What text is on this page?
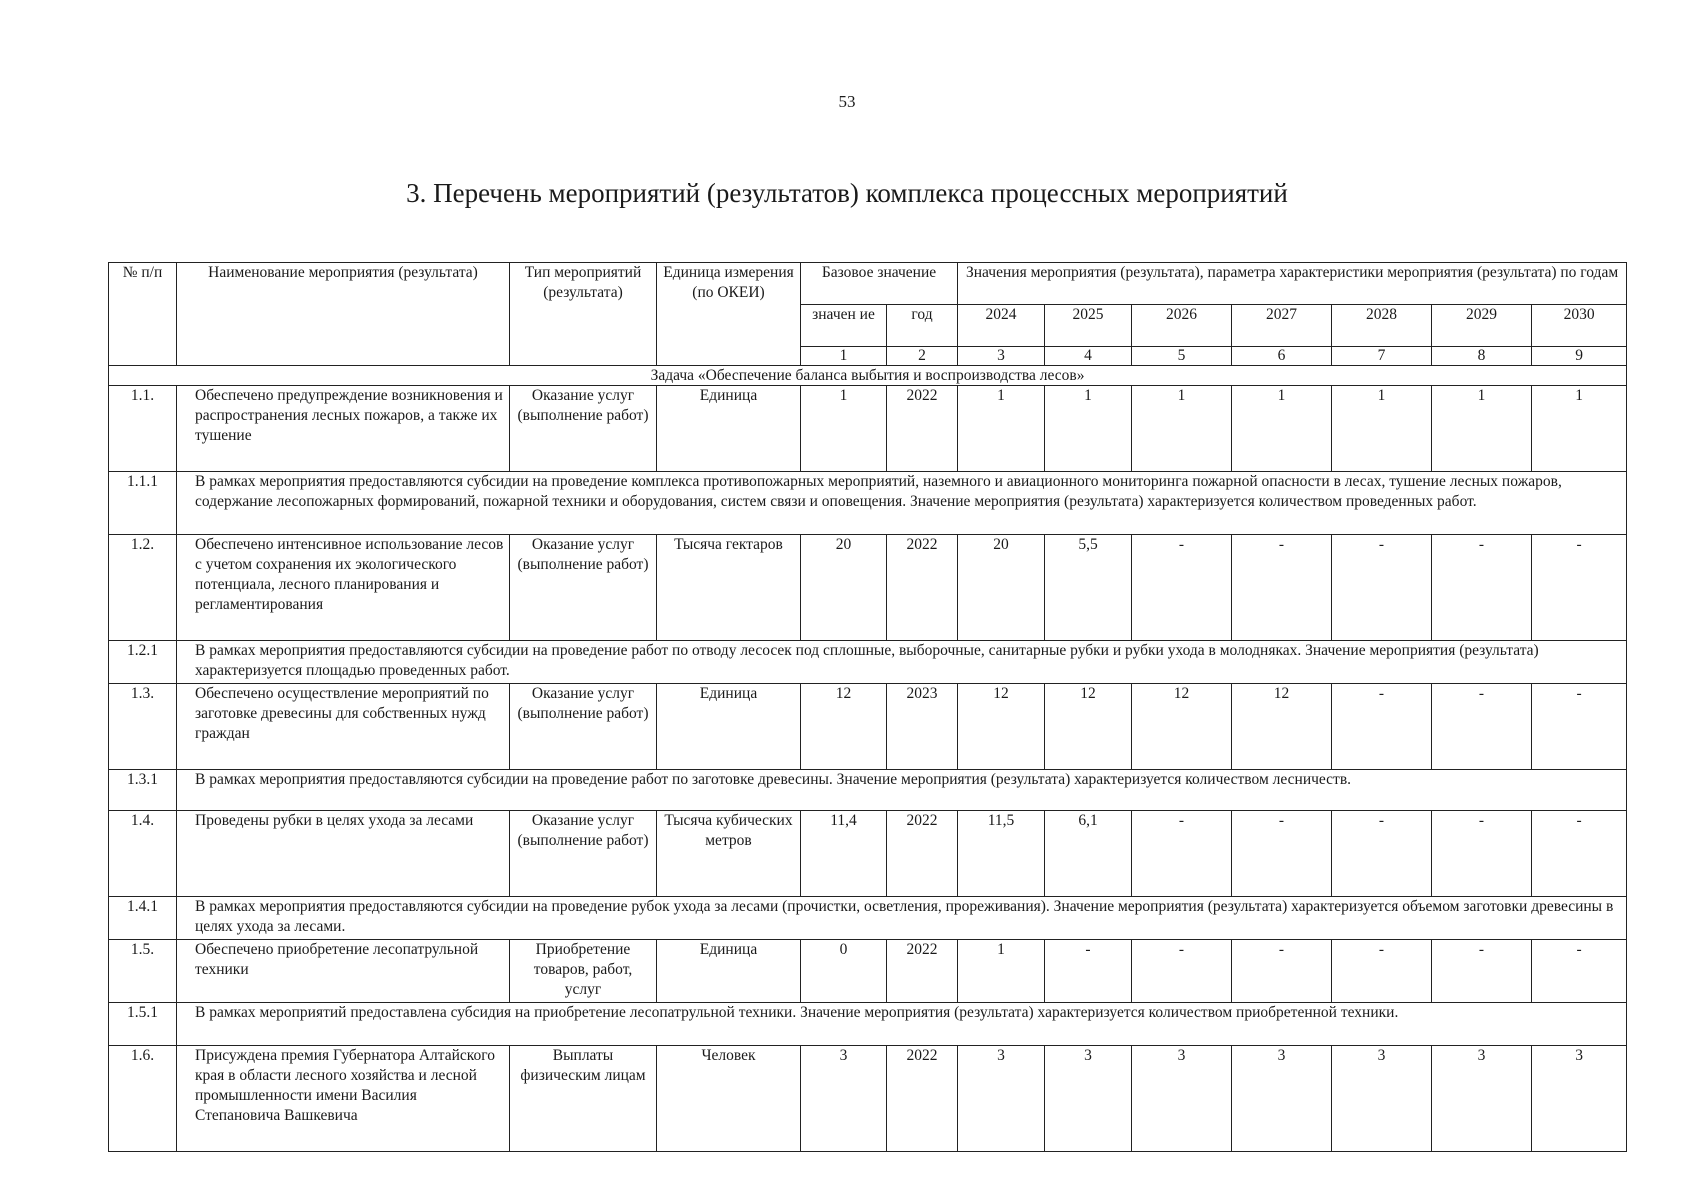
53
3. Перечень мероприятий (результатов) комплекса процессных мероприятий
№ п/п	Наименование мероприятия (результата)	Тип мероприятий (результата)	Единица измерения (по ОКЕИ)	Базовое значение		Значения мероприятия (результата), параметра характеристики мероприятия (результата) по годам							
				значен ие	год	2024	2025	2026	2027	2028	2029	2030	
				1	2	3	4	5	6	7	8	9				
Задача «Обеспечение баланса выбытия и воспроизводства лесов»													
1.1.	Обеспечено предупреждение возникновения и распространения лесных пожаров, а также их тушение	Оказание услуг (выполнение работ)	Единица	1	2022	1	1	1	1	1	1	1	
1.1.1	В рамках мероприятия предоставляются субсидии на проведение комплекса противопожарных мероприятий, наземного и авиационного мониторинга пожарной опасности в лесах, тушение лесных пожаров, содержание лесопожарных формирований, пожарной техники и оборудования, систем связи и оповещения. Значение мероприятия (результата) характеризуется количеством проведенных работ.												
1.2.	Обеспечено интенсивное использование лесов с учетом сохранения их экологического потенциала, лесного планирования и регламентирования	Оказание услуг (выполнение работ)	Тысяча гектаров	20	2022	20	5,5	-	-	-	-	-	
1.2.1	В рамках мероприятия предоставляются субсидии на проведение работ по отводу лесосек под сплошные, выборочные, санитарные рубки и рубки ухода в молодняках. Значение мероприятия (результата) характеризуется площадью проведенных работ.												
1.3.	Обеспечено осуществление мероприятий по заготовке древесины для собственных нужд граждан	Оказание услуг (выполнение работ)	Единица	12	2023	12	12	12	12	-	-	-	
1.3.1	В рамках мероприятия предоставляются субсидии на проведение работ по заготовке древесины. Значение мероприятия (результата) характеризуется количеством лесничеств.												
1.4.	Проведены рубки в целях ухода за лесами	Оказание услуг (выполнение работ)	Тысяча кубических метров	11,4	2022	11,5	6,1	-	-	-	-	-	
1.4.1	В рамках мероприятия предоставляются субсидии на проведение рубок ухода за лесами (прочистки, осветления, прореживания). Значение мероприятия (результата) характеризуется объемом заготовки древесины в целях ухода за лесами.												
1.5.	Обеспечено приобретение лесопатрульной техники	Приобретение товаров, работ, услуг	Единица	0	2022	1	-	-	-	-	-	-	
1.5.1	В рамках мероприятий предоставлена субсидия на приобретение лесопатрульной техники. Значение мероприятия (результата) характеризуется количеством приобретенной техники.												
1.6.	Присуждена премия Губернатора Алтайского края в области лесного хозяйства и лесной промышленности имени Василия Степановича Вашкевича	Выплаты физическим лицам	Человек	3	2022	3	3	3	3	3	3	3	
